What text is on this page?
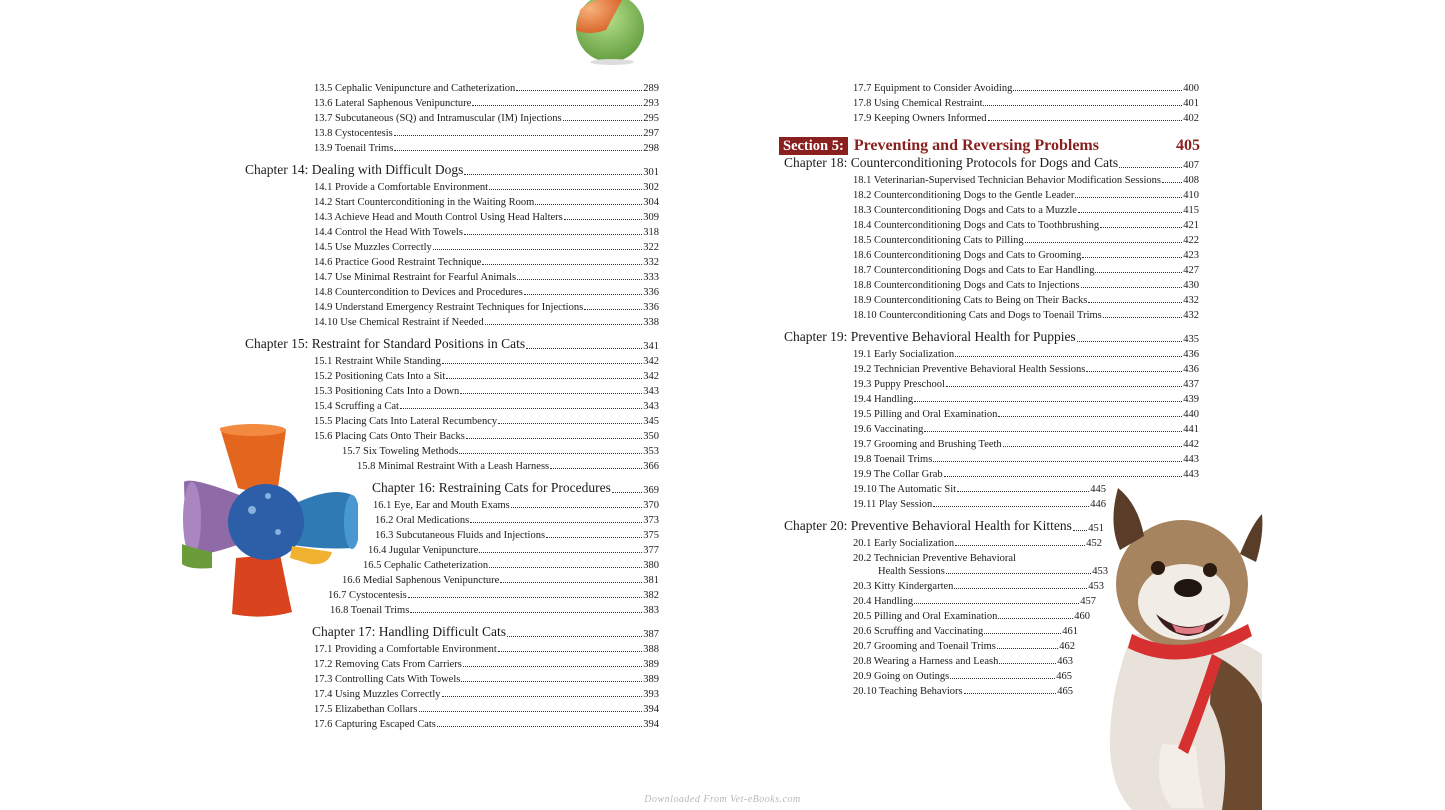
13.5 Cephalic Venipuncture and Catheterization	289
13.6 Lateral Saphenous Venipuncture	293
13.7 Subcutaneous (SQ) and Intramuscular (IM) Injections	295
13.8 Cystocentesis	297
13.9 Toenail Trims	298
Chapter 14: Dealing with Difficult Dogs	301
14.1 Provide a Comfortable Environment	302
14.2 Start Counterconditioning in the Waiting Room	304
14.3 Achieve Head and Mouth Control Using Head Halters	309
14.4 Control the Head With Towels	318
14.5 Use Muzzles Correctly	322
14.6 Practice Good Restraint Technique	332
14.7 Use Minimal Restraint for Fearful Animals	333
14.8 Countercondition to Devices and Procedures	336
14.9 Understand Emergency Restraint Techniques for Injections	336
14.10 Use Chemical Restraint if Needed	338
Chapter 15: Restraint for Standard Positions in Cats	341
15.1 Restraint While Standing	342
15.2 Positioning Cats Into a Sit	342
15.3 Positioning Cats Into a Down	343
15.4 Scruffing a Cat	343
15.5 Placing Cats Into Lateral Recumbency	345
15.6 Placing Cats Onto Their Backs	350
15.7 Six Toweling Methods	353
15.8 Minimal Restraint With a Leash Harness	366
Chapter 16: Restraining Cats for Procedures	369
16.1 Eye, Ear and Mouth Exams	370
16.2 Oral Medications	373
16.3 Subcutaneous Fluids and Injections	375
16.4 Jugular Venipuncture	377
16.5 Cephalic Catheterization	380
16.6 Medial Saphenous Venipuncture	381
16.7 Cystocentesis	382
16.8 Toenail Trims	383
Chapter 17: Handling Difficult Cats	387
17.1 Providing a Comfortable Environment	388
17.2 Removing Cats From Carriers	389
17.3 Controlling Cats With Towels	389
17.4 Using Muzzles Correctly	393
17.5 Elizabethan Collars	394
17.6 Capturing Escaped Cats	394
17.7 Equipment to Consider Avoiding	400
17.8 Using Chemical Restraint	401
17.9 Keeping Owners Informed	402
Chapter 18: Counterconditioning Protocols for Dogs and Cats	407
18.1 Veterinarian-Supervised Technician Behavior Modification Sessions 408
18.2 Counterconditioning Dogs to the Gentle Leader	410
18.3 Counterconditioning Dogs and Cats to a Muzzle	415
18.4 Counterconditioning Dogs and Cats to Toothbrushing	421
18.5 Counterconditioning Cats to Pilling	422
18.6 Counterconditioning Dogs and Cats to Grooming	423
18.7 Counterconditioning Dogs and Cats to Ear Handling	427
18.8 Counterconditioning Dogs and Cats to Injections	430
18.9 Counterconditioning Cats to Being on Their Backs	432
18.10 Counterconditioning Cats and Dogs to Toenail Trims	432
Chapter 19: Preventive Behavioral Health for Puppies	435
19.1 Early Socialization	436
19.2 Technician Preventive Behavioral Health Sessions	436
19.3 Puppy Preschool	437
19.4 Handling	439
19.5 Pilling and Oral Examination	440
19.6 Vaccinating	441
19.7 Grooming and Brushing Teeth	442
19.8 Toenail Trims	443
19.9 The Collar Grab	443
19.10 The Automatic Sit	445
19.11 Play Session	446
Chapter 20: Preventive Behavioral Health for Kittens 451
20.1 Early Socialization	452
20.2 Technician Preventive Behavioral
Health Sessions	453
20.3 Kitty Kindergarten	453
20.4 Handling	457
20.5 Pilling and Oral Examination	460
20.6 Scruffing and Vaccinating	461
20.7 Grooming and Toenail Trims	462
20.8 Wearing a Harness and Leash	463
20.9 Going on Outings	465
20.10 Teaching Behaviors	465
Section 5: Preventing and Reversing Problems	405
Downloaded From Vet-eBooks.com
